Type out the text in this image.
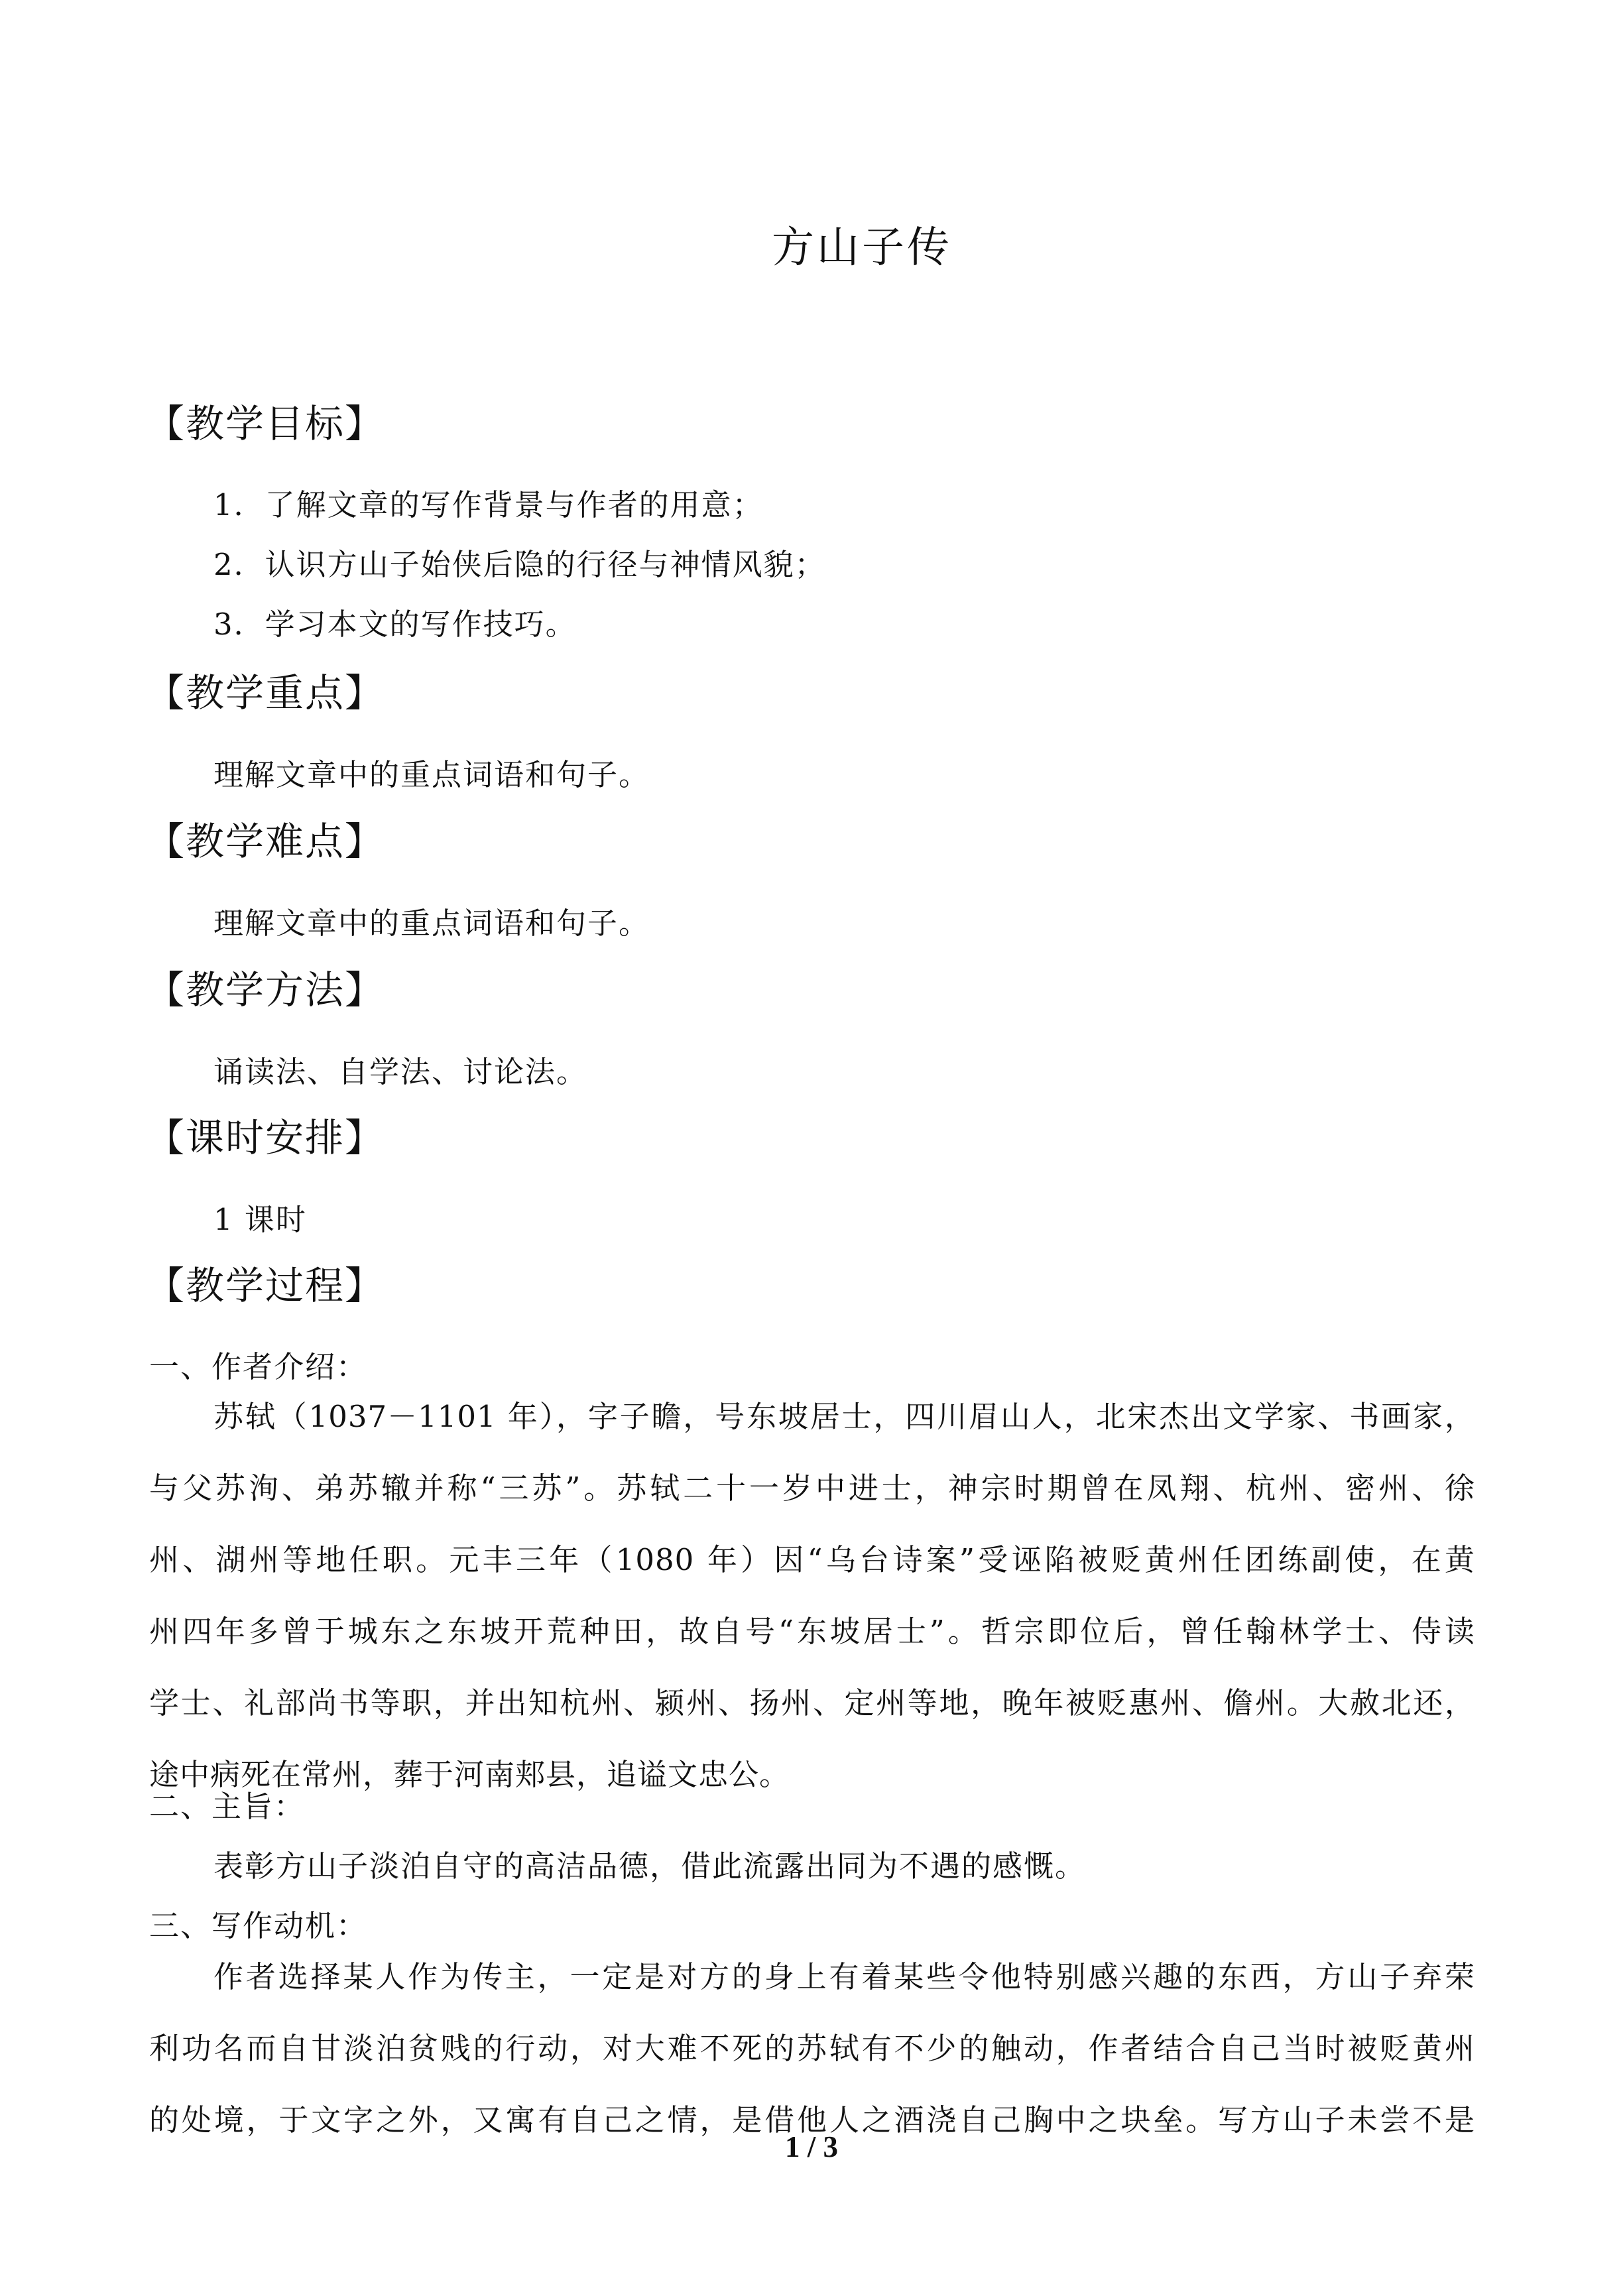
方山子传
【教学目标】
1．了解文章的写作背景与作者的用意；
2．认识方山子始侠后隐的行径与神情风貌；
3．学习本文的写作技巧。
【教学重点】
理解文章中的重点词语和句子。
【教学难点】
理解文章中的重点词语和句子。
【教学方法】
诵读法、自学法、讨论法。
【课时安排】
1 课时
【教学过程】
一、作者介绍：
苏轼（1037－1101 年），字子瞻，号东坡居士，四川眉山人，北宋杰出文学家、书画家，
与父苏洵、弟苏辙并称“三苏”。苏轼二十一岁中进士，神宗时期曾在凤翔、杭州、密州、徐
州、湖州等地任职。元丰三年（1080 年）因“乌台诗案”受诬陷被贬黄州任团练副使，在黄
州四年多曾于城东之东坡开荒种田，故自号“东坡居士”。哲宗即位后，曾任翰林学士、侍读
学士、礼部尚书等职，并出知杭州、颍州、扬州、定州等地，晚年被贬惠州、儋州。大赦北还，
途中病死在常州，葬于河南郏县，追谥文忠公。
二、主旨：
表彰方山子淡泊自守的高洁品德，借此流露出同为不遇的感慨。
三、写作动机：
作者选择某人作为传主，一定是对方的身上有着某些令他特别感兴趣的东西，方山子弃荣
利功名而自甘淡泊贫贱的行动，对大难不死的苏轼有不少的触动，作者结合自己当时被贬黄州
的处境，于文字之外，又寓有自己之情，是借他人之酒浇自己胸中之块垒。写方山子未尝不是
1 / 3
